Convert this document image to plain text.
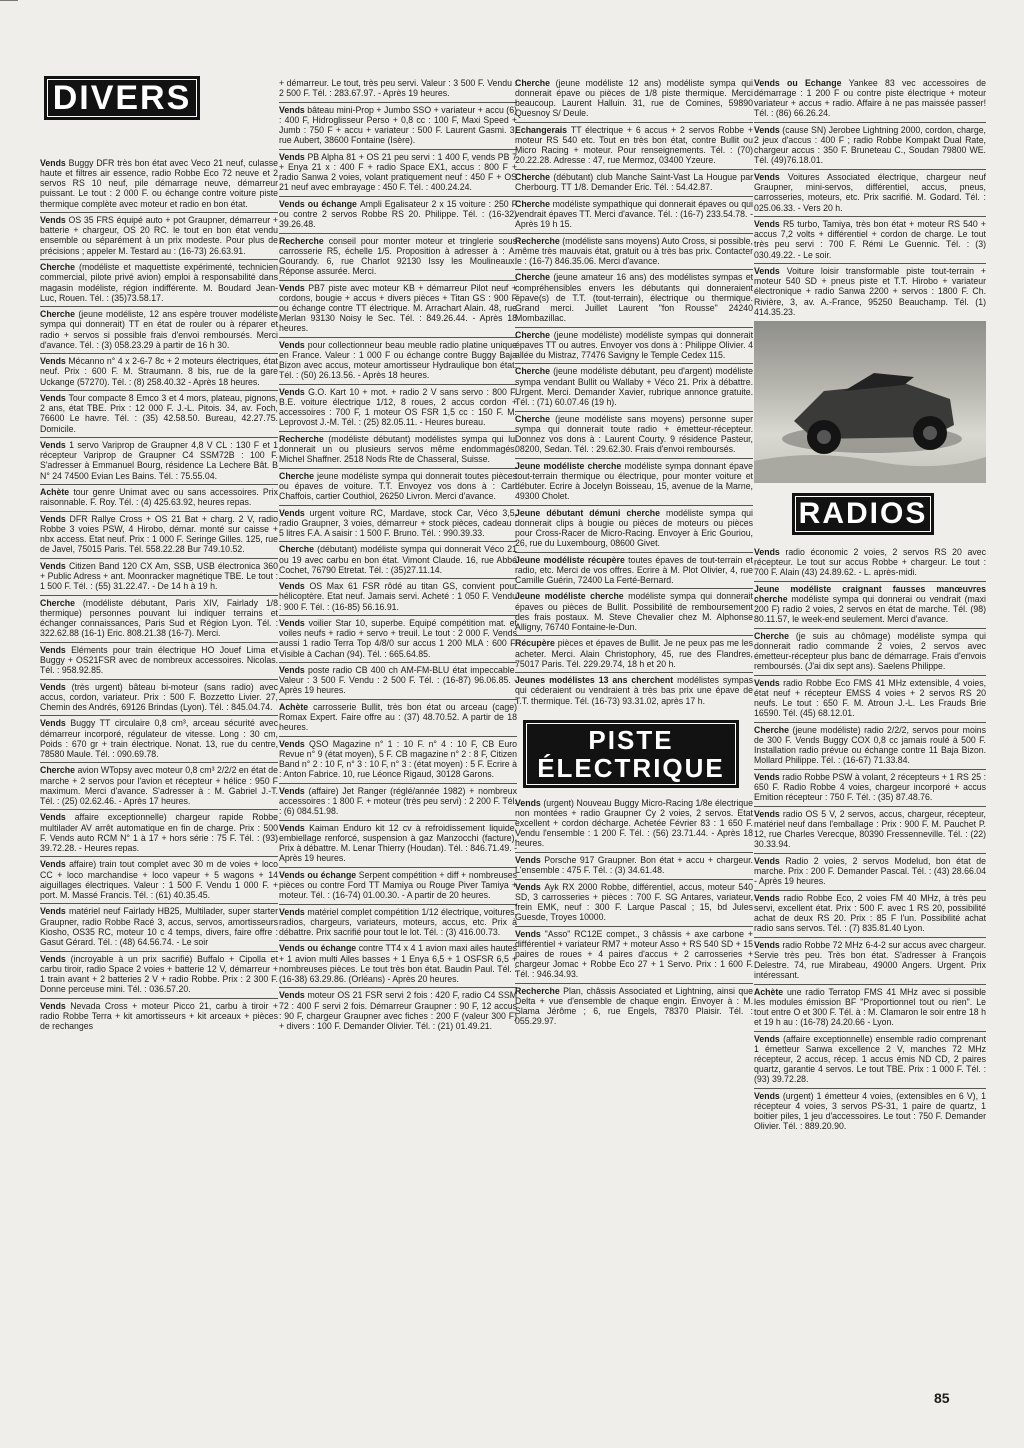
DIVERS

Vends Buggy DFR très bon état avec Veco 21 neuf, culasse haute et filtres air essence, radio Robbe Eco 72 neuve et 2 servos RS 10 neuf, pile démarrage neuve, démarreur puissant. Le tout : 2 000 F. ou échange contre voiture piste thermique complète avec moteur et radio en bon état.

Vends OS 35 FRS équipé auto + pot Graupner, démarreur + batterie + chargeur, OS 20 RC. le tout en bon état vendu ensemble ou séparément à un prix modeste. Pour plus de précisions ; appeler M. Testard au : (16-73) 26.63.91.

Cherche (modéliste et maquettiste expérimenté, technicien commercial, pilote privé avion) emploi à responsabilité dans magasin modéliste, région indifférente. M. Boudard Jean-Luc, Rouen. Tél. : (35)73.58.17.

Cherche (jeune modéliste, 12 ans espère trouver modéliste sympa qui donnerait) TT en état de rouler ou à réparer et radio + servos si possible frais d'envoi remboursés. Merci d'avance. Tél. : (3) 058.23.29 à partir de 16 h 30.

Vends Mécanno n° 4 x 2-6-7 8c + 2 moteurs électriques, état neuf. Prix : 600 F. M. Straumann. 8 bis, rue de la gare Uckange (57270). Tél. : (8) 258.40.32 - Après 18 heures.

Vends Tour compacte 8 Emco 3 et 4 mors, plateau, pignons, 2 ans, état TBE. Prix : 12 000 F. J.-L. Pitois. 34, av. Foch, 76600 Le havre. Tél. : (35) 42.58.50. Bureau, 42.27.75. Domicile.

Vends 1 servo Variprop de Graupner 4,8 V CL : 130 F et 1 récepteur Variprop de Graupner C4 SSM72B : 100 F. S'adresser à Emmanuel Bourg, résidence La Lechere Bât. B N° 24 74500 Evian Les Bains. Tél. : 75.55.04.

Achète tour genre Unimat avec ou sans accessoires. Prix raisonnable. F. Roy. Tél. : (4) 425.63.92, heures repas.

Vends DFR Rallye Cross + OS 21 Bat + charg. 2 V, radio Robbe 3 voies PSW, 4 Hirobo, démar. monté sur caisse + nbx access. Etat neuf. Prix : 1 000 F. Seringe Gilles. 125, rue de Javel, 75015 Paris. Tél. 558.22.28 Bur 749.10.52.

Vends Citizen Band 120 CX Am, SSB, USB électronica 360 + Public Adress + ant. Moonracker magnétique TBE. Le tout : 1 500 F. Tél. : (55) 31.22.47. - De 14 h à 19 h.

Cherche (modéliste débutant, Paris XIV, Fairlady 1/8 thermique) personnes pouvant lui indiquer terrains et échanger connaissances, Paris Sud et Région Lyon. Tél. : 322.62.88 (16-1) Eric. 808.21.38 (16-7). Merci.

Vends Eléments pour train électrique HO Jouef Lima et Buggy + OS21FSR avec de nombreux accessoires. Nicolas. Tél. : 958.92.85.

Vends (très urgent) bâteau bi-moteur (sans radio) avec accus, cordon, variateur. Prix : 500 F. Bozzetto Livier. 27, Chemin des Andrés, 69126 Brindas (Lyon). Tél. : 845.04.74.

Vends Buggy TT circulaire 0,8 cm³, arceau sécurité avec démarreur incorporé, régulateur de vitesse. Long : 30 cm, Poids : 670 gr + train électrique. Nonat. 13, rue du centre, 78580 Maule. Tél. : 090.69.78.

Cherche avion WTopsy avec moteur 0,8 cm³ 2/2/2 en état de marche + 2 servos pour l'avion et récepteur + hélice : 950 F maximum. Merci d'avance. S'adresser à : M. Gabriel J.-T. Tél. : (25) 02.62.46. - Après 17 heures.

Vends affaire exceptionnelle) chargeur rapide Robbe multilader AV arrêt automatique en fin de charge. Prix : 500 F. Vends auto RCM N° 1 à 17 + hors série : 75 F. Tél. : (93) 39.72.28. - Heures repas.

Vends affaire) train tout complet avec 30 m de voies + loco CC + loco marchandise + loco vapeur + 5 wagons + 14 aiguillages électriques. Valeur : 1 500 F. Vendu 1 000 F. + port. M. Massé Francis. Tél. : (61) 40.35.45.

Vends matériel neuf Fairlady HB25, Multilader, super starter Graupner, radio Robbe Racé 3, accus, servos, amortisseurs Kiosho, OS35 RC, moteur 10 c 4 temps, divers, faire offre : Gasut Gérard. Tél. : (48) 64.56.74. - Le soir

Vends (incroyable à un prix sacrifié) Buffalo + Cipolla et carbu tiroir, radio Space 2 voies + batterie 12 V, démarreur + 1 train avant + 2 batteries 2 V + radio Robbe. Prix : 2 300 F. Donne perceuse mini. Tél. : 036.57.20.

Vends Nevada Cross + moteur Picco 21, carbu à tiroir + radio Robbe Terra + kit amortisseurs + kit arceaux + pièces de rechanges

+ démarreur. Le tout, très peu servi. Valeur : 3 500 F. Vendu : 2 500 F. Tél. : 283.67.97. - Après 19 heures.

Vends bâteau mini-Prop + Jumbo SSO + variateur + accu (6) : 400 F, Hidroglisseur Perso + 0,8 cc : 100 F, Maxi Speed + Jumb : 750 F + accu + variateur : 500 F. Laurent Gasmi. 3, rue Aubert, 38600 Fontaine (Isère).

Vends PB Alpha 81 + OS 21 peu servi : 1 400 F, vends PB 7 + Enya 21 x : 400 F + radio Space EX1, accus : 800 F + radio Sanwa 2 voies, volant pratiquement neuf : 450 F + OS 21 neuf avec embrayage : 450 F. Tél. : 400.24.24.

Vends ou échange Ampli Egalisateur 2 x 15 voiture : 250 F ou contre 2 servos Robbe RS 20. Philippe. Tél. : (16-32) 39.26.48.

Recherche conseil pour monter moteur et tringlerie sous carrosserie R5, échelle 1/5. Proposition à adresser à : A. Gourandy. 6, rue Charlot 92130 Issy les Moulineaux. Réponse assurée. Merci.

Vends PB7 piste avec moteur KB + démarreur Pilot neuf + cordons, bougie + accus + divers pièces + Titan GS : 900 F ou échange contre TT électrique. M. Arrachart Alain. 48, rue Merlan 93130 Noisy le Sec. Tél. : 849.26.44. - Après 18 heures.

Vends pour collectionneur beau meuble radio platine unique en France. Valeur : 1 000 F ou échange contre Buggy Baja Bizon avec accus, moteur amortisseur Hydraulique bon état. Tél. : (50) 26.13.56. - Après 18 heures.

Vends G.O. Kart 10 + mot. + radio 2 V sans servo : 800 F. B.E. voiture électrique 1/12, 8 roues, 2 accus cordon + accessoires : 700 F, 1 moteur OS FSR 1,5 cc : 150 F. M. Leprovost J.-M. Tél. : (25) 82.05.11. - Heures bureau.

Recherche (modéliste débutant) modélistes sympa qui lui donnerait un ou plusieurs servos même endommagés. Michel Shaffner. 2518 Nods Rte de Chasseral, Suisse.

Cherche jeune modéliste sympa qui donnerait toutes pièces ou épaves de voiture. T.T. Envoyez vos dons à : Carl Chaffois, cartier Couthiol, 26250 Livron. Merci d'avance.

Vends urgent voiture RC, Mardave, stock Car, Véco 3,5, radio Graupner, 3 voies, démarreur + stock pièces, cadeau : 5 litres F.A. A saisir : 1 500 F. Bruno. Tél. : 990.39.33.

Cherche (débutant) modéliste sympa qui donnerait Véco 21 ou 19 avec carbu en bon état. Vimont Claude. 16, rue Abbé Cochet, 76790 Etretat. Tél. : (35)27.11.14.

Vends OS Max 61 FSR rôdé au titan GS, convient pour hélicoptère. Etat neuf. Jamais servi. Acheté : 1 050 F. Vendu : 900 F. Tél. : (16-85) 56.16.91.

Vends voilier Star 10, superbe. Equipé compétition mat. et voiles neufs + radio + servo + treuil. Le tout : 2 000 F. Vends aussi 1 radio Terra Top 4/8/0 sur accus 1 200 MLA : 600 F. Visible à Cachan (94). Tél. : 665.64.85.

Vends poste radio CB 400 ch AM-FM-BLU état impeccable. Valeur : 3 500 F. Vendu : 2 500 F. Tél. : (16-87) 96.06.85. - Après 19 heures.

Achète carrosserie Bullit, très bon état ou arceau (cage) Romax Expert. Faire offre au : (37) 48.70.52. A partir de 18 heures.

Vends QSO Magazine n° 1 : 10 F. n° 4 : 10 F, CB Euro Revue n° 9 (état moyen), 5 F. CB magazine n° 2 : 8 F, Citizen Band n° 2 : 10 F, n° 3 : 10 F, n° 3 : (état moyen) : 5 F. Ecrire à : Anton Fabrice. 10, rue Léonce Rigaud, 30128 Garons.

Vends (affaire) Jet Ranger (réglé/année 1982) + nombreux accessoires : 1 800 F. + moteur (très peu servi) : 2 200 F. Tél. : (6) 084.51.98.

Vends Kaiman Enduro kit 12 cv à refroidissement liquide, embiellage renforcé, suspension à gaz Manzocchi (facture). Prix à débattre. M. Lenar Thierry (Houdan). Tél. : 846.71.49. - Après 19 heures.

Vends ou échange Serpent compétition + diff + nombreuses pièces ou contre Ford TT Mamiya ou Rouge Piver Tamiya + moteur. Tél. : (16-74) 01.00.30. - A partir de 20 heures.

Vends matériel complet compétition 1/12 électrique, voitures, radios, chargeurs, variateurs, moteurs, accus, etc. Prix à débattre. Prix sacrifié pour tout le lot. Tél. : (3) 416.00.73.

Vends ou échange contre TT4 x 4 1 avion maxi ailes hautes + 1 avion multi Ailes basses + 1 Enya 6,5 + 1 OSFSR 6,5 + nombreuses pièces. Le tout très bon état. Baudin Paul. Tél. : (16-38) 63.29.86. (Orléans) - Après 20 heures.

Vends moteur OS 21 FSR servi 2 fois : 420 F, radio C4 SSM 72 : 400 F servi 2 fois. Démarreur Graupner : 90 F, 12 accus : 90 F, chargeur Graupner avec fiches : 200 F (valeur 300 F) + divers : 100 F. Demander Olivier. Tél. : (21) 01.49.21.

Cherche (jeune modéliste 12 ans) modéliste sympa qui donnerait épave ou pièces de 1/8 piste thermique. Merci beaucoup. Laurent Halluin. 31, rue de Comines, 59890 Quesnoy S/ Deule.

Echangerais TT électrique + 6 accus + 2 servos Robbe + moteur RS 540 etc. Tout en très bon état, contre Bullit ou Micro Racing + moteur. Pour renseignements. Tél. : (70) 20.22.28. Adresse : 47, rue Mermoz, 03400 Yzeure.

Cherche (débutant) club Manche Saint-Vast La Hougue par Cherbourg. TT 1/8. Demander Eric. Tél. : 54.42.87.

Cherche modéliste sympathique qui donnerait épaves ou qui vendrait épaves TT. Merci d'avance. Tél. : (16-7) 233.54.78. - Après 19 h 15.

Recherche (modéliste sans moyens) Auto Cross, si possible, même très mauvais état, gratuit ou à très bas prix. Contacter le : (16-7) 846.35.06. Merci d'avance.

Cherche (jeune amateur 16 ans) des modélistes sympas et compréhensibles envers les débutants qui donneraient épave(s) de T.T. (tout-terrain), électrique ou thermique. Grand merci. Juillet Laurent "fon Rousse" 24240 Mombazillac.

Cherche (jeune modéliste) modéliste sympas qui donnerait épaves TT ou autres. Envoyer vos dons à : Philippe Olivier. 4 allée du Mistraz, 77476 Savigny le Temple Cedex 115.

Cherche (jeune modéliste débutant, peu d'argent) modéliste sympa vendant Bullit ou Wallaby + Véco 21. Prix à débattre. Urgent. Merci. Demander Xavier, rubrique annonce gratuite. Tél. : (71) 60.07.46 (19 h).

Cherche (jeune modéliste sans moyens) personne super sympa qui donnerait toute radio + émetteur-récepteur. Donnez vos dons à : Laurent Courty. 9 résidence Pasteur, 08200, Sedan. Tél. : 29.62.30. Frais d'envoi remboursés.

Jeune modéliste cherche modéliste sympa donnant épave tout-terrain thermique ou électrique, pour monter voiture et débuter. Ecrire à Jocelyn Boisseau, 15, avenue de la Marne, 49300 Cholet.

Jeune débutant démuni cherche modéliste sympa qui donnerait clips à bougie ou pièces de moteurs ou pièces pour Cross-Racer de Micro-Racing. Envoyer à Eric Gouriou, 26, rue du Luxembourg, 08600 Givet.

Jeune modéliste récupère toutes épaves de tout-terrain et radio, etc. Merci de vos offres. Ecrire à M. Plot Olivier, 4, rue Camille Guérin, 72400 La Ferté-Bernard.

Jeune modéliste cherche modéliste sympa qui donnerait épaves ou pièces de Bullit. Possibilité de remboursement des frais postaux. M. Steve Chevalier chez M. Alphonse Alligny, 76740 Fontaine-le-Dun.

Récupère pièces et épaves de Bullit. Je ne peux pas me les acheter. Merci. Alain Christophory, 45, rue des Flandres, 75017 Paris. Tél. 229.29.74, 18 h et 20 h.

Jeunes modélistes 13 ans cherchent modélistes sympas qui céderaient ou vendraient à très bas prix une épave de T.T. thermique. Tél. (16-73) 93.31.02, après 17 h.

PISTE
ÉLECTRIQUE

Vends (urgent) Nouveau Buggy Micro-Racing 1/8e électrique non montées + radio Graupner Cy 2 voies, 2 servos. Etat excellent + cordon décharge. Achetée Février 83 : 1 650 F. Vendu l'ensemble : 1 200 F. Tél. : (56) 23.71.44. - Après 18 heures.

Vends Porsche 917 Graupner. Bon état + accu + chargeur. L'ensemble : 475 F. Tél. : (3) 34.61.48.

Vends Ayk RX 2000 Robbe, différentiel, accus, moteur 540 SD, 3 carrosseries + pièces : 700 F. SG Antares, variateur, frein EMK, neuf : 300 F. Larque Pascal ; 15, bd Jules Guesde, Troyes 10000.

Vends "Asso" RC12E compet., 3 châssis + axe carbone + différentiel + variateur RM7 + moteur Asso + RS 540 SD + 15 paires de roues + 4 paires d'accus + 2 carrosseries + chargeur Jomac + Robbe Eco 27 + 1 Servo. Prix : 1 600 F. Tél. : 946.34.93.

Recherche Plan, châssis Associated et Lightning, ainsi que Delta + vue d'ensemble de chaque engin. Envoyer à : M. Slama Jérôme ; 6, rue Engels, 78370 Plaisir. Tél. : 055.29.97.

Vends ou Echange Yankee 83 vec accessoires de démarrage : 1 200 F ou contre piste électrique + moteur variateur + accus + radio. Affaire à ne pas maissée passer! Tél. : (86) 66.26.24.

Vends (cause SN) Jerobee Lightning 2000, cordon, charge, 2 jeux d'accus : 400 F ; radio Robbe Kompakt Dual Rate, chargeur accus : 350 F. Bruneteau C., Soudan 79800 WE. Tél. (49)76.18.01.

Vends Voitures Associated électrique, chargeur neuf Graupner, mini-servos, différentiel, accus, pneus, carrosseries, moteurs, etc. Prix sacrifié. M. Godard. Tél. : 025.06.33. - Vers 20 h.

Vends R5 turbo, Tamiya, très bon état + moteur RS 540 + accus 7,2 volts + différentiel + cordon de charge. Le tout très peu servi : 700 F. Rémi Le Guennic. Tél. : (3) 030.49.22. - Le soir.

Vends Voiture loisir transformable piste tout-terrain + moteur 540 SD + pneus piste et T.T. Hirobo + variateur électronique + radio Sanwa 2200 + servos : 1800 F. Ch. Rivière, 3, av. A.-France, 95250 Beauchamp. Tél. (1) 414.35.23.

RADIOS

Vends radio économic 2 voies, 2 servos RS 20 avec récepteur. Le tout sur accus Robbe + chargeur. Le tout : 700 F. Alain (43) 24.89.62. - L. après-midi.

Jeune modéliste craignant fausses manœuvres cherche modéliste sympa qui donnerai ou vendrait (maxi 200 F) radio 2 voies, 2 servos en état de marche. Tél. (98) 80.11.57, le week-end seulement. Merci d'avance.

Cherche (je suis au chômage) modéliste sympa qui donnerait radio commande 2 voies, 2 servos avec émetteur-récepteur plus banc de démarrage. Frais d'envois remboursés. (J'ai dix sept ans). Saelens Philippe.

Vends radio Robbe Eco FMS 41 MHz extensible, 4 voies, état neuf + récepteur EMSS 4 voies + 2 servos RS 20 neufs. Le tout : 650 F. M. Atroun J.-L. Les Frauds Brie 16590. Tél. (45) 68.12.01.

Cherche (jeune modéliste) radio 2/2/2, servos pour moins de 300 F. Vends Buggy COX 0,8 cc jamais roulé à 500 F. Installation radio prévue ou échange contre 11 Baja Bizon. Mollard Philippe. Tél. : (16-67) 71.33.84.

Vends radio Robbe PSW à volant, 2 récepteurs + 1 RS 25 : 650 F. Radio Robbe 4 voies, chargeur incorporé + accus Emition récepteur : 750 F. Tél. : (35) 87.48.76.

Vends radio OS 5 V, 2 servos, accus, chargeur, récepteur, matériel neuf dans l'emballage : Prix : 900 F. M. Pauchet P. 12, rue Charles Verecque, 80390 Fressenneville. Tél. : (22) 30.33.94.

Vends Radio 2 voies, 2 servos Modelud, bon état de marche. Prix : 200 F. Demander Pascal. Tél. : (43) 28.66.04 - Après 19 heures.

Vends radio Robbe Eco, 2 voies FM 40 MHz, à très peu servi, excellent état. Prix : 500 F. avec 1 RS 20, possibilité achat de deux RS 20. Prix : 85 F l'un. Possibilité achat radio sans servos. Tél. : (7) 835.81.40 Lyon.

Vends radio Robbe 72 MHz 6-4-2 sur accus avec chargeur. Servie très peu. Très bon état. S'adresser à François Delestre. 74, rue Mirabeau, 49000 Angers. Urgent. Prix intéressant.

Achète une radio Terratop FMS 41 MHz avec si possible les modules émission BF "Proportionnel tout ou rien". Le tout entre O et 300 F. Tél. à : M. Clamaron le soir entre 18 h et 19 h au : (16-78) 24.20.66 - Lyon.

Vends (affaire exceptionnelle) ensemble radio comprenant 1 émetteur Sanwa excellence 2 V, manches 72 MHz récepteur, 2 accus, récep. 1 accus émis ND CD, 2 paires quartz, garantie 4 servos. Le tout TBE. Prix : 1 000 F. Tél. : (93) 39.72.28.

Vends (urgent) 1 émetteur 4 voies, (extensibles en 6 V), 1 récepteur 4 voies, 3 servos PS-31, 1 paire de quartz, 1 boitier piles, 1 jeu d'accessoires. Le tout : 750 F. Demander Olivier. Tél. : 889.20.90.

85
